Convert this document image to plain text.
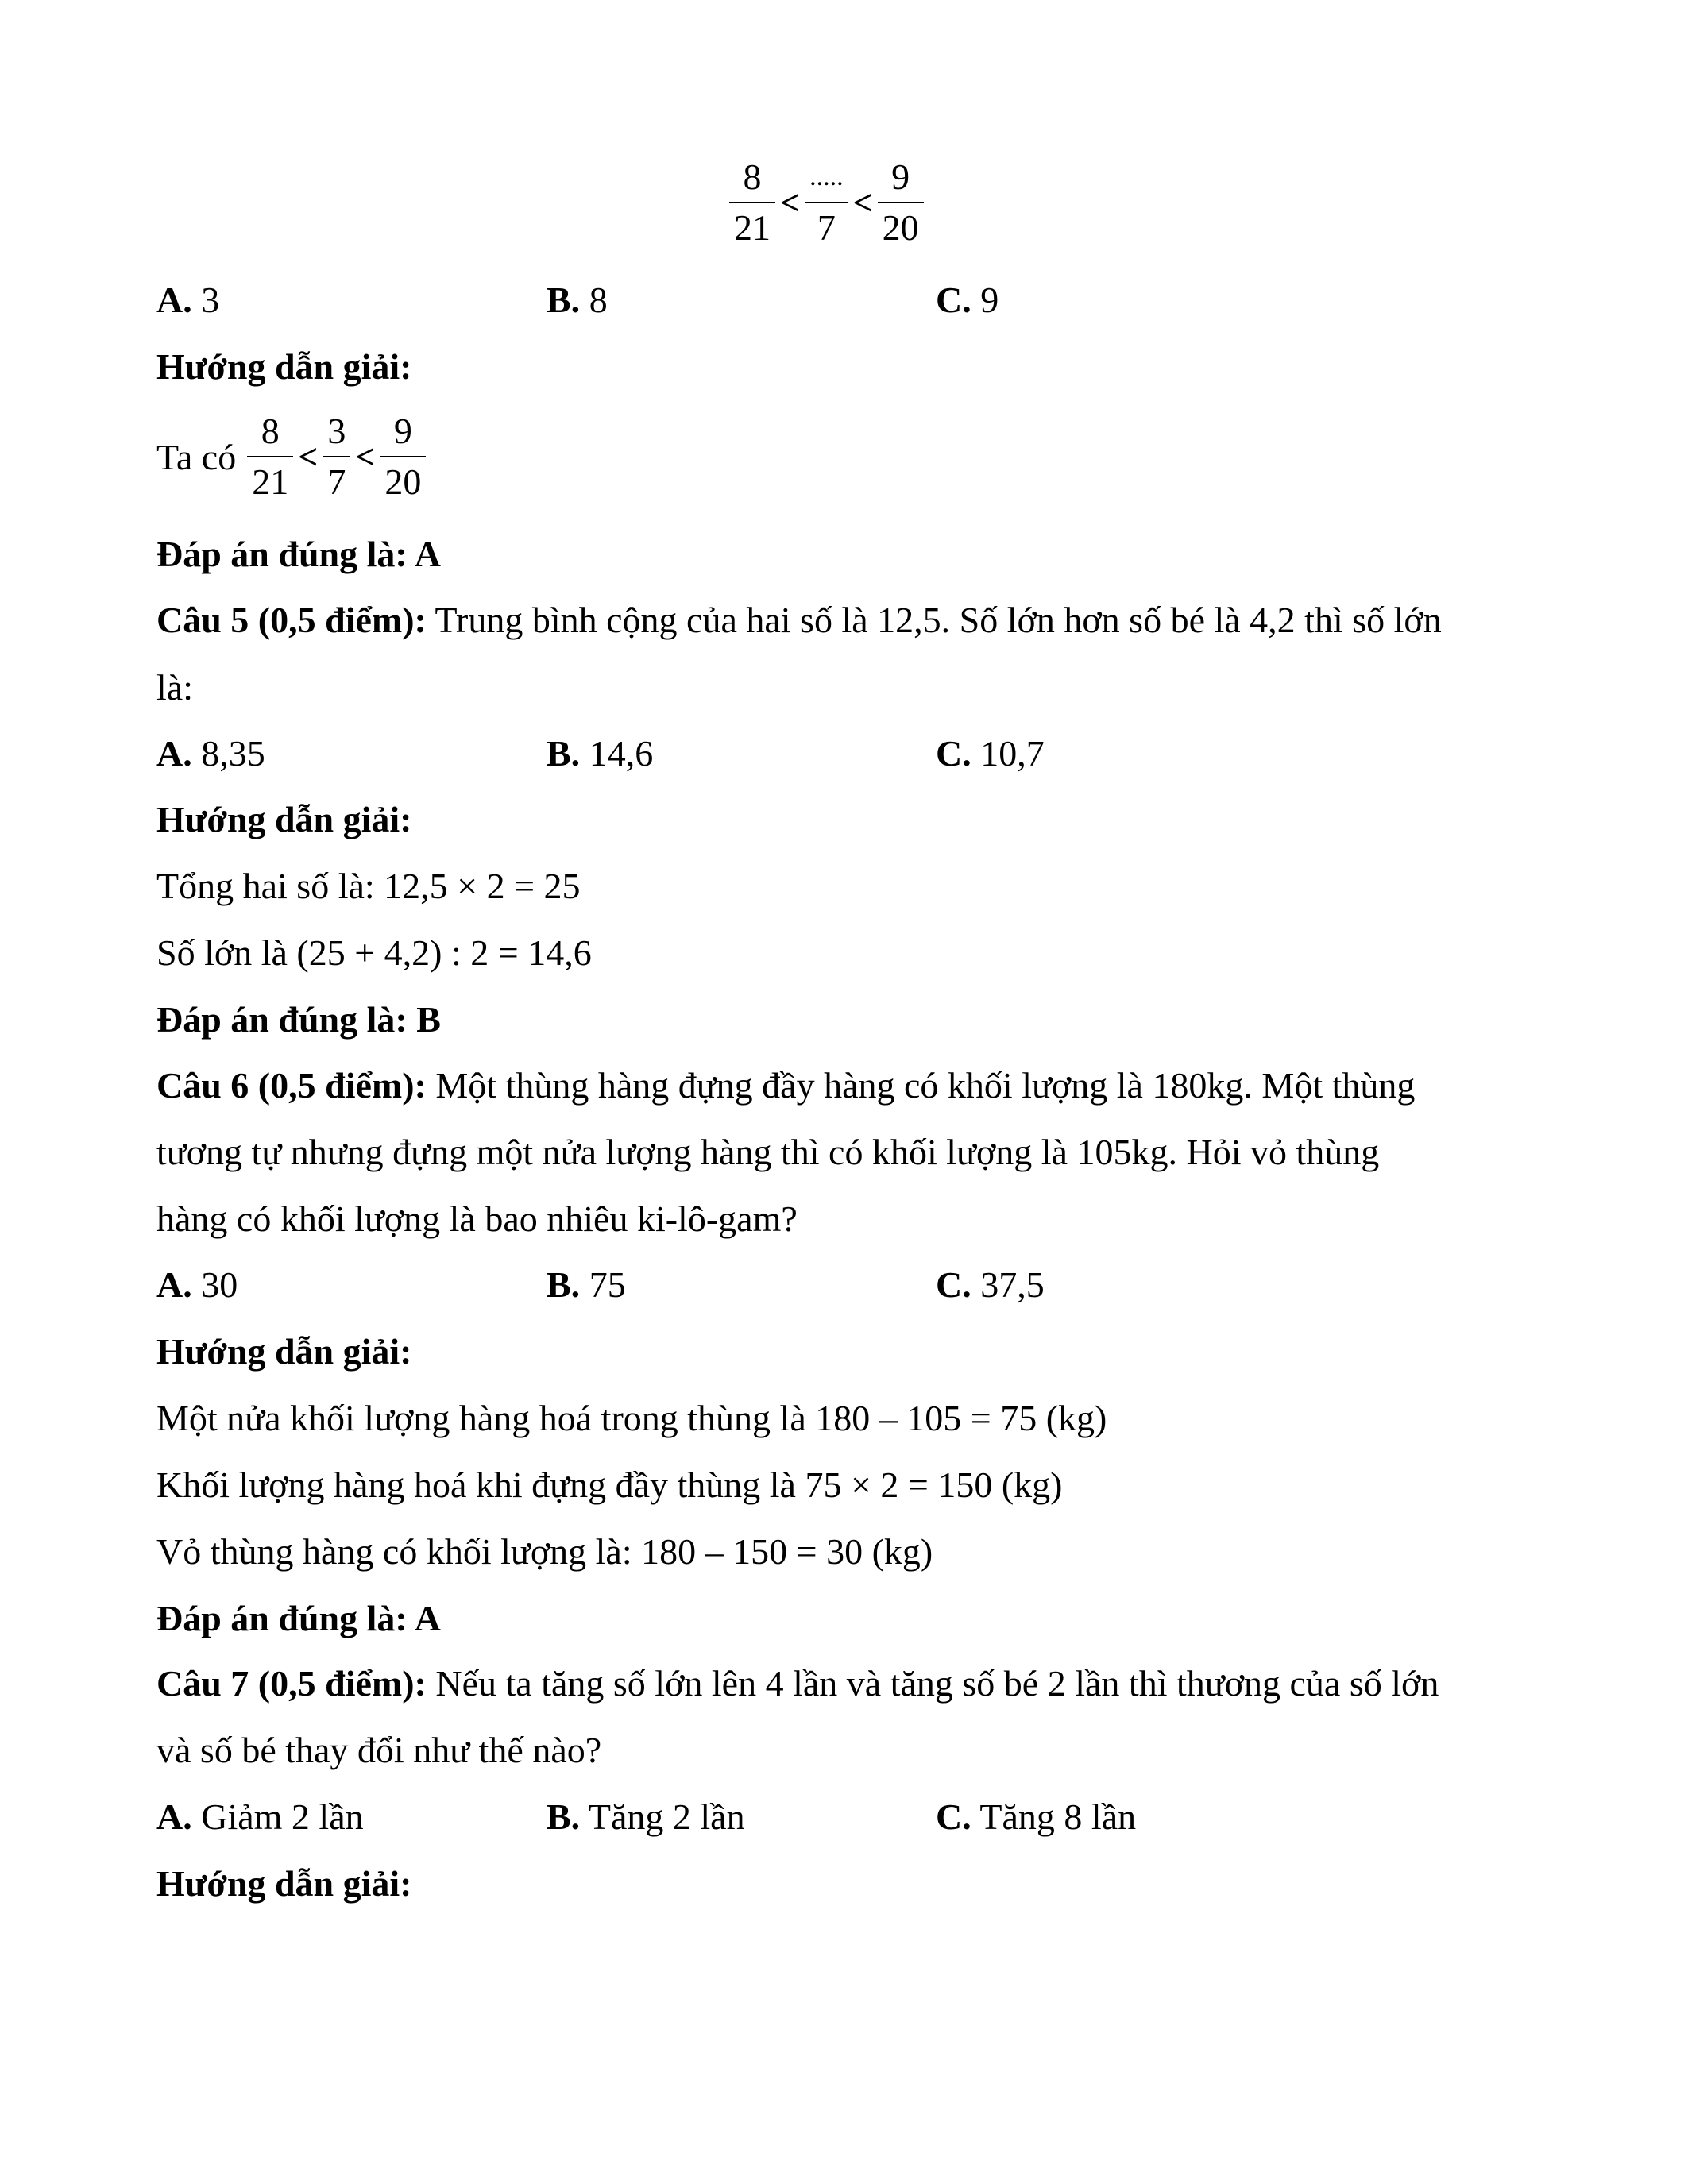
$\frac{8}{21} < \frac{.....}{7} < \frac{9}{20}$
A. 3	B. 8	C. 9
Hướng dẫn giải:
Ta có $\frac{8}{21} < \frac{3}{7} < \frac{9}{20}$
Đáp án đúng là: A
Câu 5 (0,5 điểm): Trung bình cộng của hai số là 12,5. Số lớn hơn số bé là 4,2 thì số lớn
là:
A. 8,35	B. 14,6	C. 10,7
Hướng dẫn giải:
Tổng hai số là: 12,5 × 2 = 25
Số lớn là (25 + 4,2) : 2 = 14,6
Đáp án đúng là: B
Câu 6 (0,5 điểm): Một thùng hàng đựng đầy hàng có khối lượng là 180kg. Một thùng
tương tự nhưng đựng một nửa lượng hàng thì có khối lượng là 105kg. Hỏi vỏ thùng
hàng có khối lượng là bao nhiêu ki-lô-gam?
A. 30	B. 75	C. 37,5
Hướng dẫn giải:
Một nửa khối lượng hàng hoá trong thùng là 180 – 105 = 75 (kg)
Khối lượng hàng hoá khi đựng đầy thùng là 75 × 2 = 150 (kg)
Vỏ thùng hàng có khối lượng là: 180 – 150 = 30 (kg)
Đáp án đúng là: A
Câu 7 (0,5 điểm): Nếu ta tăng số lớn lên 4 lần và tăng số bé 2 lần thì thương của số lớn
và số bé thay đổi như thế nào?
A. Giảm 2 lần	B. Tăng 2 lần	C. Tăng 8 lần
Hướng dẫn giải:
